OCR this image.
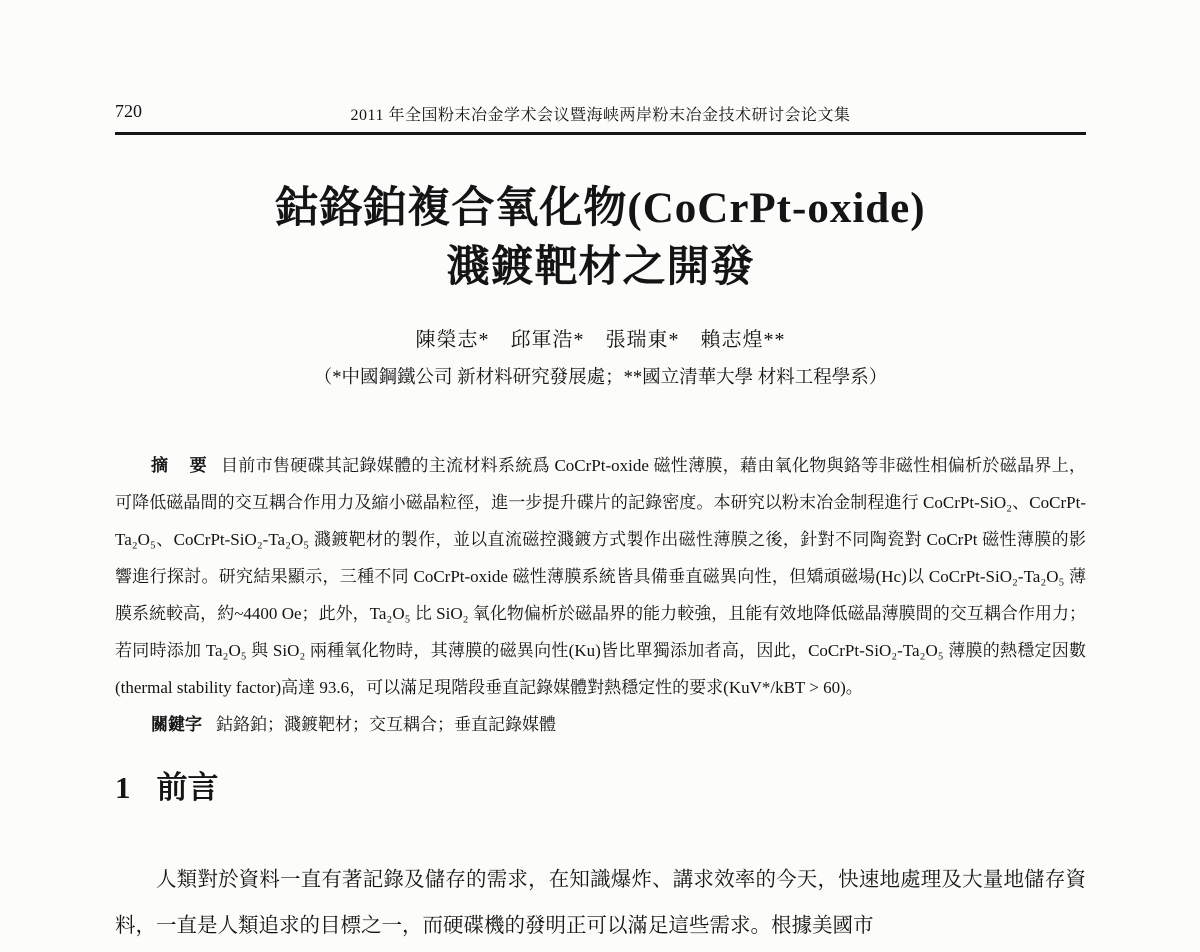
720	2011 年全国粉末冶金学术会议暨海峡两岸粉末冶金技术研讨会论文集
鈷鉻鉑複合氧化物(CoCrPt-oxide)
濺鍍靶材之開發
陳榮志*　邱軍浩*　張瑞東*　賴志煌**
（*中國鋼鐵公司 新材料研究發展處；**國立清華大學 材料工程學系）

摘　要 目前市售硬碟其記錄媒體的主流材料系統爲 CoCrPt-oxide 磁性薄膜，藉由氧化物與鉻等非磁性相偏析於磁晶界上，可降低磁晶間的交互耦合作用力及縮小磁晶粒徑，進一步提升碟片的記錄密度。本研究以粉末冶金制程進行 CoCrPt-SiO₂、CoCrPt-Ta₂O₅、CoCrPt-SiO₂-Ta₂O₅ 濺鍍靶材的製作，並以直流磁控濺鍍方式製作出磁性薄膜之後，針對不同陶瓷對 CoCrPt 磁性薄膜的影響進行探討。研究結果顯示，三種不同 CoCrPt-oxide 磁性薄膜系統皆具備垂直磁異向性，但矯頑磁場(Hc)以 CoCrPt-SiO₂-Ta₂O₅ 薄膜系統較高，約~4400 Oe；此外，Ta₂O₅ 比 SiO₂ 氧化物偏析於磁晶界的能力較強，且能有效地降低磁晶薄膜間的交互耦合作用力；若同時添加 Ta₂O₅ 與 SiO₂ 兩種氧化物時，其薄膜的磁異向性(Ku)皆比單獨添加者高，因此，CoCrPt-SiO₂-Ta₂O₅ 薄膜的熱穩定因數(thermal stability factor)高達 93.6，可以滿足現階段垂直記錄媒體對熱穩定性的要求(KuV*/kBT > 60)。

關鍵字 鈷鉻鉑；濺鍍靶材；交互耦合；垂直記錄媒體

1 前言

人類對於資料一直有著記錄及儲存的需求，在知識爆炸、講求效率的今天，快速地處理及大量地儲存資料，一直是人類追求的目標之一，而硬碟機的發明正可以滿足這些需求。根據美國市
